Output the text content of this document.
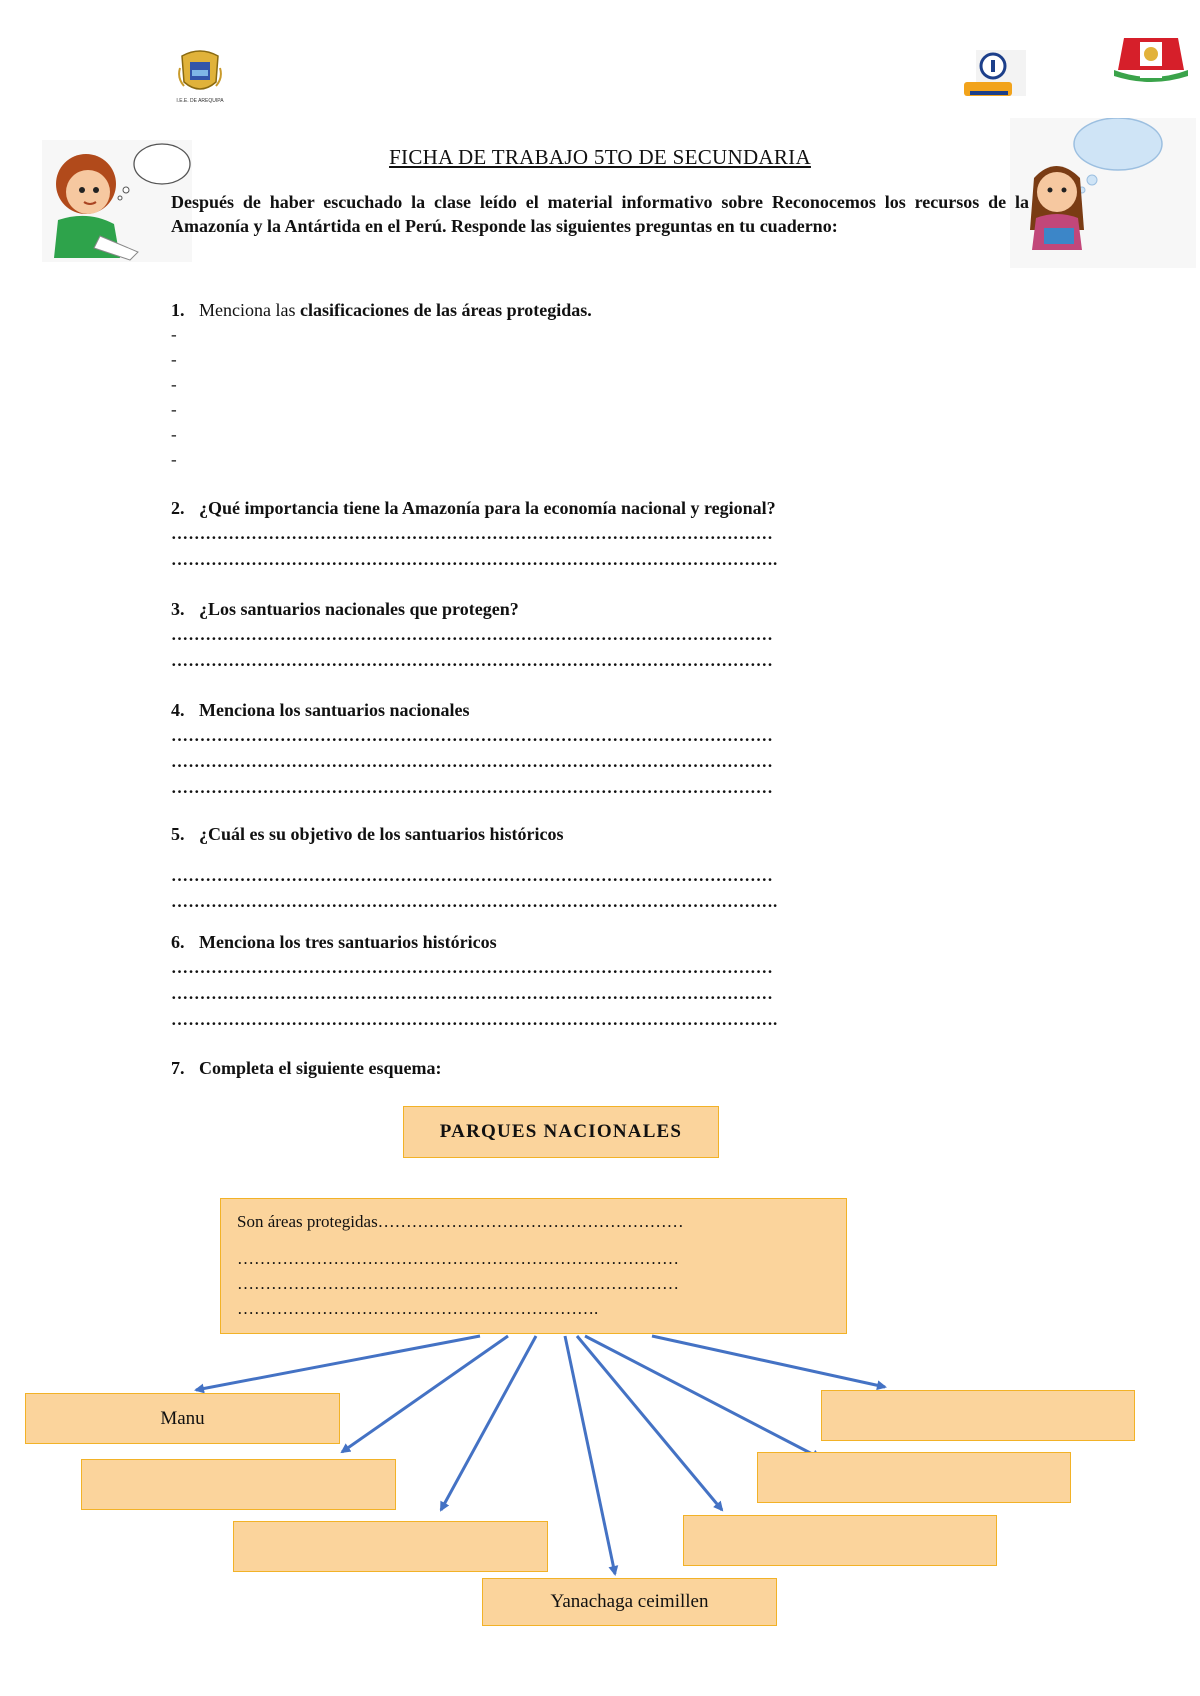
I.E.E. DE AREQUIPA
FICHA DE TRABAJO 5TO DE SECUNDARIA
Después de haber escuchado la clase leído el material informativo sobre Reconocemos los recursos de la Amazonía y la Antártida en el Perú. Responde las siguientes preguntas en tu cuaderno:
1. Menciona las clasificaciones de las áreas protegidas.
-
-
-
-
-
-
2. ¿Qué importancia tiene la Amazonía para la economía nacional y regional?
……………………………………………………………………………………………
…………………………………………………………………………………………….
3. ¿Los santuarios nacionales que protegen?
……………………………………………………………………………………………
……………………………………………………………………………………………
4. Menciona los santuarios nacionales
……………………………………………………………………………………………
……………………………………………………………………………………………
……………………………………………………………………………………………
5. ¿Cuál es su objetivo de los santuarios históricos
……………………………………………………………………………………………
…………………………………………………………………………………………….
6. Menciona los tres santuarios históricos
……………………………………………………………………………………………
……………………………………………………………………………………………
…………………………………………………………………………………………….
7. Completa el siguiente esquema:
PARQUES NACIONALES
Son áreas protegidas………………………………………………
……………………………………………………………………
……………………………………………………………………
……………………………………………………….
Manu
Yanachaga ceimillen
